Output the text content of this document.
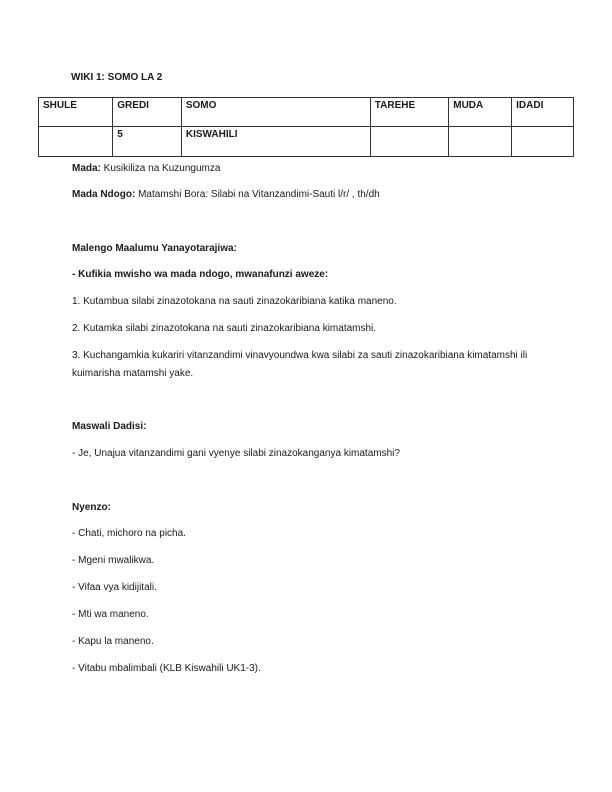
WIKI 1: SOMO LA 2
SHULE	GREDI	SOMO	TAREHE	MUDA	IDADI
	5	KISWAHILI			
Mada: Kusikiliza na Kuzungumza
Mada Ndogo: Matamshi Bora: Silabi na Vitanzandimi-Sauti l/r/ , th/dh
Malengo Maalumu Yanayotarajiwa:
- Kufikia mwisho wa mada ndogo, mwanafunzi aweze:
1. Kutambua silabi zinazotokana na sauti zinazokaribiana katika maneno.
2. Kutamka silabi zinazotokana na sauti zinazokaribiana kimatamshi.
3. Kuchangamkia kukariri vitanzandimi vinavyoundwa kwa silabi za sauti zinazokaribiana kimatamshi ili kuimarisha matamshi yake.
Maswali Dadisi:
- Je, Unajua vitanzandimi gani vyenye silabi zinazokanganya kimatamshi?
Nyenzo:
- Chati, michoro na picha.
- Mgeni mwalikwa.
- Vifaa vya kidijitali.
- Mti wa maneno.
- Kapu la maneno.
- Vitabu mbalimbali (KLB Kiswahili UK1-3).
